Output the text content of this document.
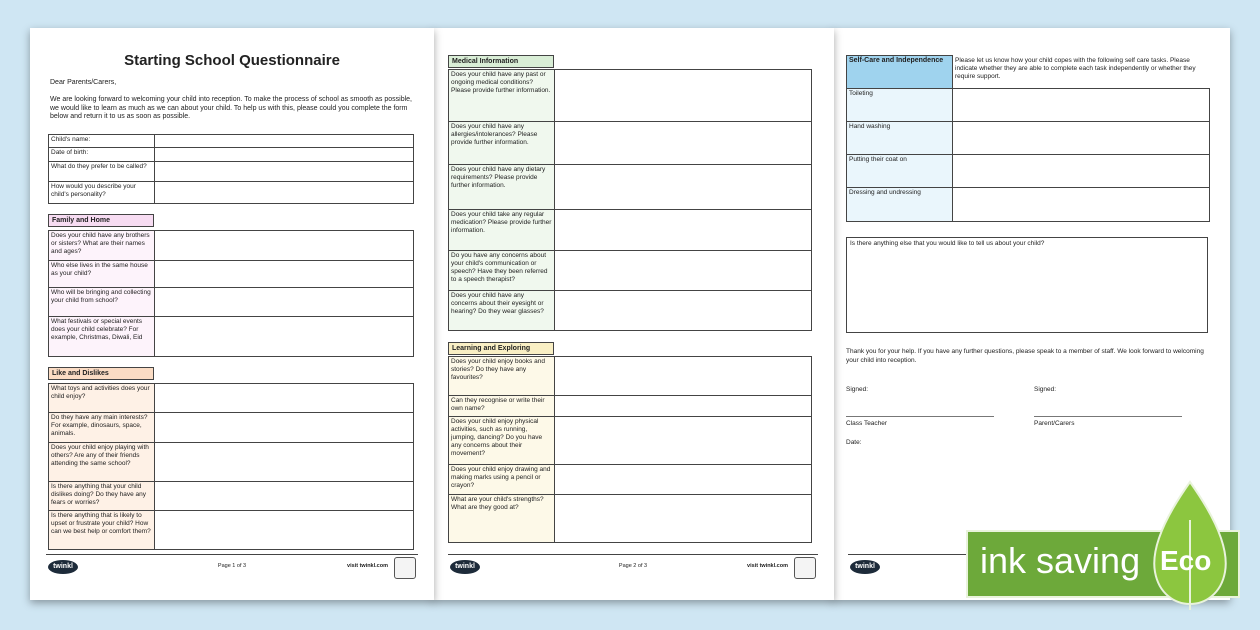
Starting School Questionnaire
Dear Parents/Carers,
We are looking forward to welcoming your child into reception. To make the process of school as smooth as possible, we would like to learn as much as we can about your child. To help us with this, please could you complete the form below and return it to us as soon as possible.
Child's name:	
Date of birth:	
What do they prefer to be called?	
How would you describe your child's personality?	
Family and Home
Does your child have any brothers or sisters? What are their names and ages?	
Who else lives in the same house as your child?	
Who will be bringing and collecting your child from school?	
What festivals or special events does your child celebrate? For example, Christmas, Diwali, Eid	
Like and Dislikes
What toys and activities does your child enjoy?	
Do they have any main interests? For example, dinosaurs, space, animals.	
Does your child enjoy playing with others? Are any of their friends attending the same school?	
Is there anything that your child dislikes doing? Do they have any fears or worries?	
Is there anything that is likely to upset or frustrate your child? How can we best help or comfort them?	
twinkl	Page 1 of 3	visit twinkl.com
Medical Information
Does your child have any past or ongoing medical conditions? Please provide further information.	
Does your child have any allergies/intolerances? Please provide further information.	
Does your child have any dietary requirements? Please provide further information.	
Does your child take any regular medication? Please provide further information.	
Do you have any concerns about your child's communication or speech? Have they been referred to a speech therapist?	
Does your child have any concerns about their eyesight or hearing? Do they wear glasses?	
Learning and Exploring
Does your child enjoy books and stories? Do they have any favourites?	
Can they recognise or write their own name?	
Does your child enjoy physical activities, such as running, jumping, dancing? Do you have any concerns about their movement?	
Does your child enjoy drawing and making marks using a pencil or crayon?	
What are your child's strengths? What are they good at?	
twinkl	Page 2 of 3	visit twinkl.com
Self-Care and Independence	Please let us know how your child copes with the following self care tasks. Please indicate whether they are able to complete each task independently or whether they require support.
Toileting	
Hand washing	
Putting their coat on	
Dressing and undressing	
Is there anything else that you would like to tell us about your child?
Thank you for your help. If you have any further questions, please speak to a member of staff. We look forward to welcoming your child into reception.
Signed:	Signed:
Class Teacher	Parent/Carers
Date:
twinkl	ink saving Eco
